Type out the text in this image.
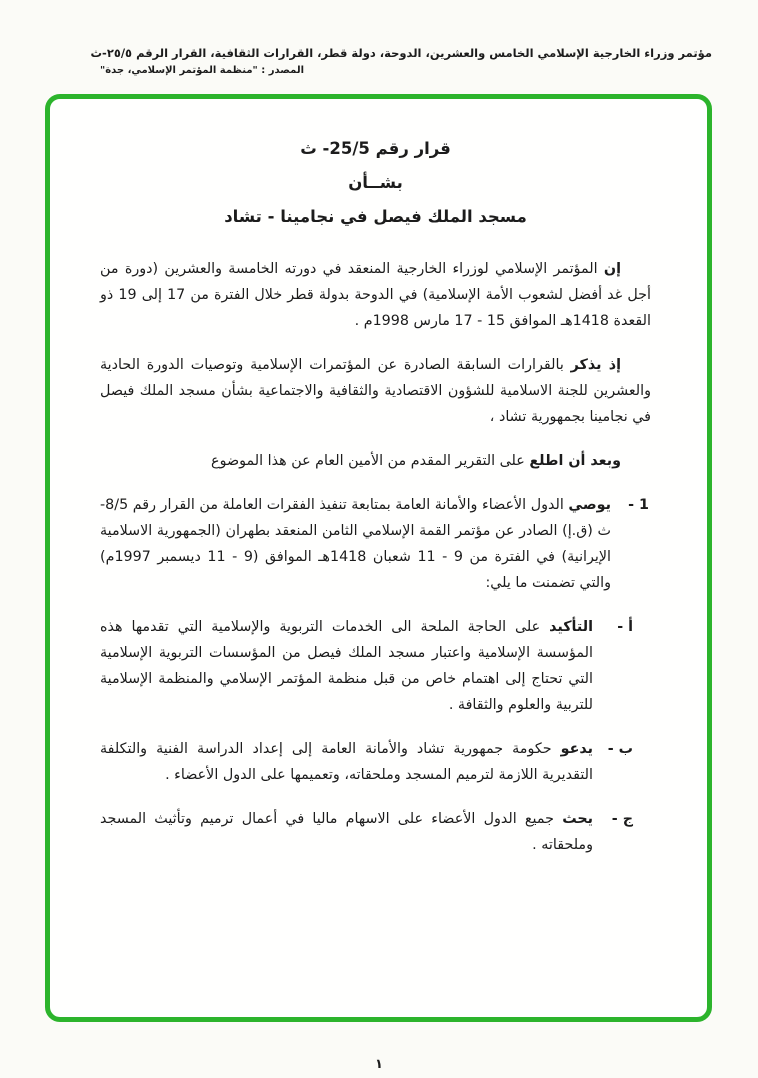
مؤتمر وزراء الخارجية الإسلامي الخامس والعشرين، الدوحة، دولة قطر، القرارات الثقافية، القرار الرقم ٢٥/٥-ث
المصدر : "منظمة المؤتمر الإسلامي، جدة"
قرار رقم 25/5- ث
بشــأن
مسجد الملك فيصل في نجامينا - تشاد

إن المؤتمر الإسلامي لوزراء الخارجية المنعقد في دورته الخامسة والعشرين (دورة من أجل غد أفضل لشعوب الأمة الإسلامية) في الدوحة بدولة قطر خلال الفترة من 17 إلى 19 ذو القعدة 1418هـ الموافق 15 - 17 مارس 1998م .

إذ يذكر بالقرارات السابقة الصادرة عن المؤتمرات الإسلامية وتوصيات الدورة الحادية والعشرين للجنة الاسلامية للشؤون الاقتصادية والثقافية والاجتماعية بشأن مسجد الملك فيصل في نجامينا بجمهورية تشاد ،

وبعد أن اطلع على التقرير المقدم من الأمين العام عن هذا الموضوع

1 -
يوصي الدول الأعضاء والأمانة العامة بمتابعة تنفيذ الفقرات العاملة من القرار رقم 8/5-ث (ق.إ) الصادر عن مؤتمر القمة الإسلامي الثامن المنعقد بطهران (الجمهورية الاسلامية الإيرانية) في الفترة من 9 - 11 شعبان 1418هـ الموافق (9 - 11 ديسمبر 1997م) والتي تضمنت ما يلي:
أ -
التأكيد على الحاجة الملحة الى الخدمات التربوية والإسلامية التي تقدمها هذه المؤسسة الإسلامية واعتبار مسجد الملك فيصل من المؤسسات التربوية الإسلامية التي تحتاج إلى اهتمام خاص من قبل منظمة المؤتمر الإسلامي والمنظمة الإسلامية للتربية والعلوم والثقافة .
ب -
يدعو حكومة جمهورية تشاد والأمانة العامة إلى إعداد الدراسة الفنية والتكلفة التقديرية اللازمة لترميم المسجد وملحقاته، وتعميمها على الدول الأعضاء .
ج -
يحث جميع الدول الأعضاء على الاسهام ماليا في أعمال ترميم وتأثيث المسجد وملحقاته .
١
